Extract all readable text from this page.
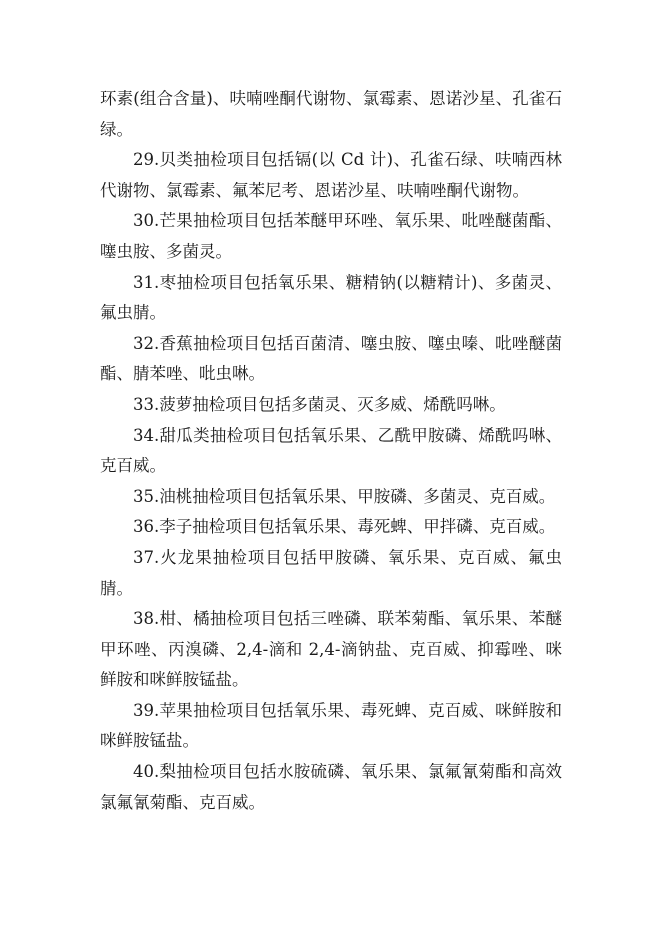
环素(组合含量)、呋喃唑酮代谢物、氯霉素、恩诺沙星、孔雀石绿。

29.贝类抽检项目包括镉(以 Cd 计)、孔雀石绿、呋喃西林代谢物、氯霉素、氟苯尼考、恩诺沙星、呋喃唑酮代谢物。

30.芒果抽检项目包括苯醚甲环唑、氧乐果、吡唑醚菌酯、噻虫胺、多菌灵。

31.枣抽检项目包括氧乐果、糖精钠(以糖精计)、多菌灵、氟虫腈。

32.香蕉抽检项目包括百菌清、噻虫胺、噻虫嗪、吡唑醚菌酯、腈苯唑、吡虫啉。

33.菠萝抽检项目包括多菌灵、灭多威、烯酰吗啉。

34.甜瓜类抽检项目包括氧乐果、乙酰甲胺磷、烯酰吗啉、克百威。

35.油桃抽检项目包括氧乐果、甲胺磷、多菌灵、克百威。

36.李子抽检项目包括氧乐果、毒死蜱、甲拌磷、克百威。

37.火龙果抽检项目包括甲胺磷、氧乐果、克百威、氟虫腈。

38.柑、橘抽检项目包括三唑磷、联苯菊酯、氧乐果、苯醚甲环唑、丙溴磷、2,4-滴和 2,4-滴钠盐、克百威、抑霉唑、咪鲜胺和咪鲜胺锰盐。

39.苹果抽检项目包括氧乐果、毒死蜱、克百威、咪鲜胺和咪鲜胺锰盐。

40.梨抽检项目包括水胺硫磷、氧乐果、氯氟氰菊酯和高效氯氟氰菊酯、克百威。
